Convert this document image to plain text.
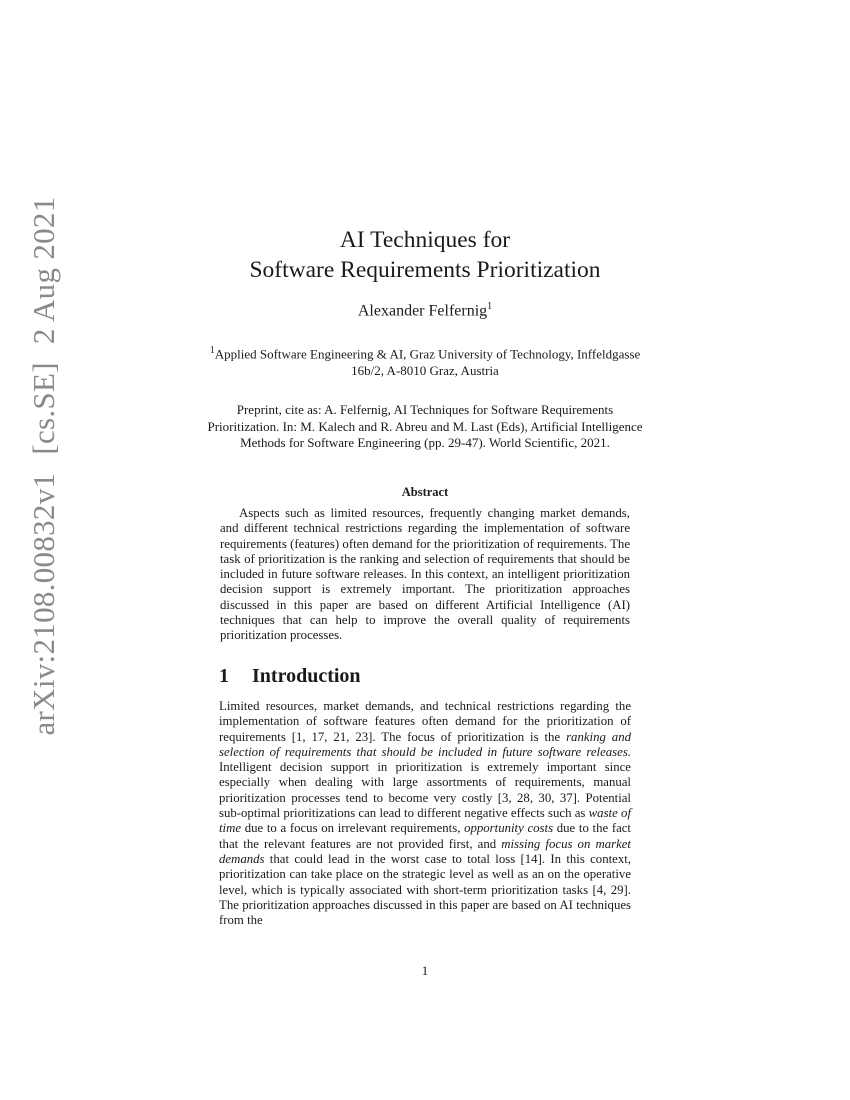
arXiv:2108.00832v1[cs.SE]2 Aug 2021	AI Techniques for
Software Requirements Prioritization
Alexander Felfernig$^1$
$^1$Applied Software Engineering & AI, Graz University of Technology, Inffeldgasse
16b/2, A-8010 Graz, Austria
Preprint, cite as: A. Felfernig, AI Techniques for Software Requirements
Prioritization. In: M. Kalech and R. Abreu and M. Last (Eds), Artificial Intelligence
Methods for Software Engineering (pp. 29-47). World Scientific, 2021.
Abstract
Aspects such as limited resources, frequently changing market demands, and different technical restrictions regarding the implementation of software requirements (features) often demand for the prioritization of requirements. The task of prioritization is the ranking and selection of requirements that should be included in future software releases. In this context, an intelligent prioritization decision support is extremely important. The prioritization approaches discussed in this paper are based on different Artificial Intelligence (AI) techniques that can help to improve the overall quality of requirements prioritization processes.
1 Introduction
Limited resources, market demands, and technical restrictions regarding the implementation of software features often demand for the prioritization of requirements [1, 17, 21, 23]. The focus of prioritization is the ranking and selection of requirements that should be included in future software releases. Intelligent decision support in prioritization is extremely important since especially when dealing with large assortments of requirements, manual prioritization processes tend to become very costly [3, 28, 30, 37]. Potential sub-optimal prioritizations can lead to different negative effects such as waste of time due to a focus on irrelevant requirements, opportunity costs due to the fact that the relevant features are not provided first, and missing focus on market demands that could lead in the worst case to total loss [14]. In this context, prioritization can take place on the strategic level as well as an on the operative level, which is typically associated with short-term prioritization tasks [4, 29]. The prioritization approaches discussed in this paper are based on AI techniques from the
1
